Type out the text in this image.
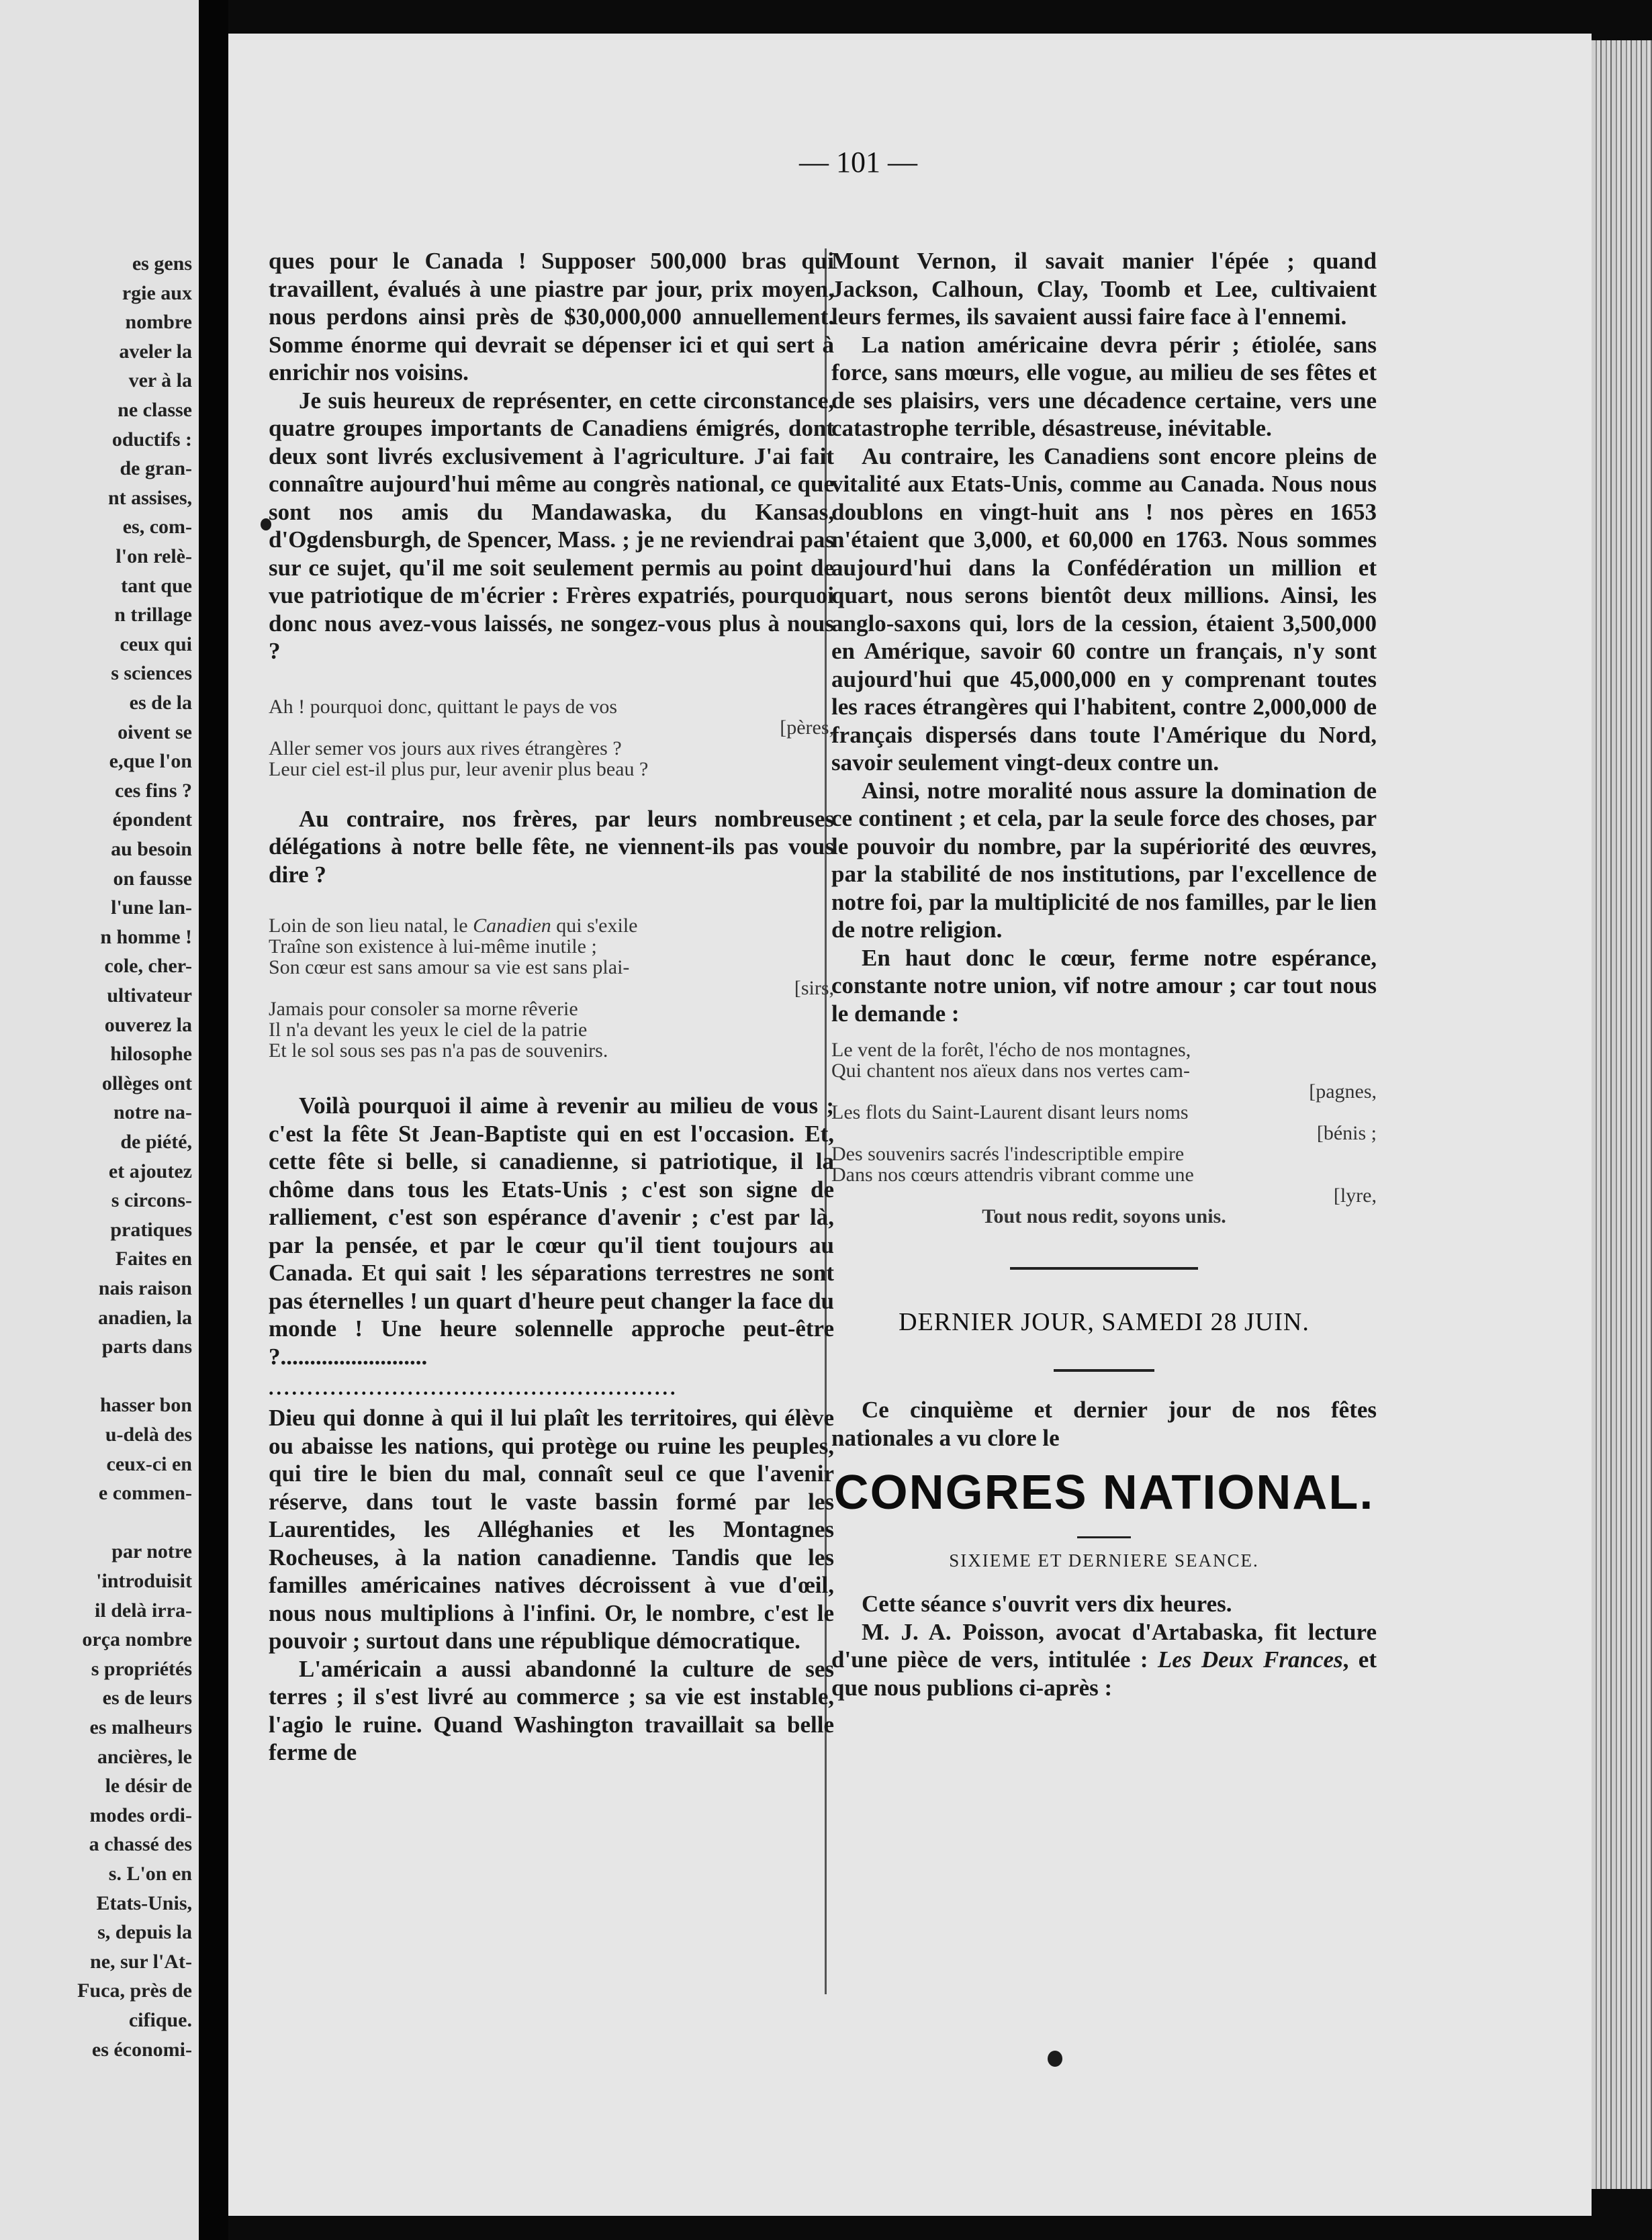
es gens
rgie aux
nombre
aveler la
ver à la
ne classe
oductifs :
de gran-
nt assises,
es, com-
l'on relè-
tant que
n trillage
ceux qui
s sciences
es de la
oivent se
e,que l'on
ces fins ?
épondent
au besoin
on fausse
l'une lan-
n homme !
cole, cher-
ultivateur
ouverez la
hilosophe
ollèges ont
notre na-
de piété,
et ajoutez
s circons-
pratiques
Faites en
nais raison
anadien, la
parts dans
hasser bon
u-delà des
ceux-ci en
e commen-
par notre
'introduisit
il delà irra-
orça nombre
s propriétés
es de leurs
es malheurs
ancières, le
le désir de
modes ordi-
a chassé des
s. L'on en
Etats-Unis,
s, depuis la
ne, sur l'At-
Fuca, près de
cifique.
es économi-
— 101 —

ques pour le Canada ! Supposer 500,000 bras qui travaillent, évalués à une piastre par jour, prix moyen, nous perdons ainsi près de $30,000,000 annuellement. Somme énorme qui devrait se dépenser ici et qui sert à enrichir nos voisins.

Je suis heureux de représenter, en cette circonstance, quatre groupes importants de Canadiens émigrés, dont deux sont livrés exclusivement à l'agriculture. J'ai fait connaître aujourd'hui même au congrès national, ce que sont nos amis du Mandawaska, du Kansas, d'Ogdensburgh, de Spencer, Mass. ; je ne reviendrai pas sur ce sujet, qu'il me soit seulement permis au point de vue patriotique de m'écrier : Frères expatriés, pourquoi donc nous avez-vous laissés, ne songez-vous plus à nous ?

Ah ! pourquoi donc, quittant le pays de vos
[pères,
Aller semer vos jours aux rives étrangères ?
Leur ciel est-il plus pur, leur avenir plus beau ?

Au contraire, nos frères, par leurs nombreuses délégations à notre belle fête, ne viennent-ils pas vous dire ?

Loin de son lieu natal, le Canadien qui s'exile
Traîne son existence à lui-même inutile ;
Son cœur est sans amour sa vie est sans plai-
[sirs,
Jamais pour consoler sa morne rêverie
Il n'a devant les yeux le ciel de la patrie
Et le sol sous ses pas n'a pas de souvenirs.

Voilà pourquoi il aime à revenir au milieu de vous ; c'est la fête St Jean-Baptiste qui en est l'occasion. Et, cette fête si belle, si canadienne, si patriotique, il la chôme dans tous les Etats-Unis ; c'est son signe de ralliement, c'est son espérance d'avenir ; c'est par là, par la pensée, et par le cœur qu'il tient toujours au Canada. Et qui sait ! les séparations terrestres ne sont pas éternelles ! un quart d'heure peut changer la face du monde ! Une heure solennelle approche peut-être ?.........................

.....................................................

Dieu qui donne à qui il lui plaît les territoires, qui élève ou abaisse les nations, qui protège ou ruine les peuples, qui tire le bien du mal, connaît seul ce que l'avenir réserve, dans tout le vaste bassin formé par les Laurentides, les Alléghanies et les Montagnes Rocheuses, à la nation canadienne. Tandis que les familles américaines natives décroissent à vue d'œil, nous nous multiplions à l'infini. Or, le nombre, c'est le pouvoir ; surtout dans une république démocratique.

L'américain a aussi abandonné la culture de ses terres ; il s'est livré au commerce ; sa vie est instable, l'agio le ruine. Quand Washington travaillait sa belle ferme de

Mount Vernon, il savait manier l'épée ; quand Jackson, Calhoun, Clay, Toomb et Lee, cultivaient leurs fermes, ils savaient aussi faire face à l'ennemi.

La nation américaine devra périr ; étiolée, sans force, sans mœurs, elle vogue, au milieu de ses fêtes et de ses plaisirs, vers une décadence certaine, vers une catastrophe terrible, désastreuse, inévitable.

Au contraire, les Canadiens sont encore pleins de vitalité aux Etats-Unis, comme au Canada. Nous nous doublons en vingt-huit ans ! nos pères en 1653 n'étaient que 3,000, et 60,000 en 1763. Nous sommes aujourd'hui dans la Confédération un million et quart, nous serons bientôt deux millions. Ainsi, les anglo-saxons qui, lors de la cession, étaient 3,500,000 en Amérique, savoir 60 contre un français, n'y sont aujourd'hui que 45,000,000 en y comprenant toutes les races étrangères qui l'habitent, contre 2,000,000 de français dispersés dans toute l'Amérique du Nord, savoir seulement vingt-deux contre un.

Ainsi, notre moralité nous assure la domination de ce continent ; et cela, par la seule force des choses, par le pouvoir du nombre, par la supériorité des œuvres, par la stabilité de nos institutions, par l'excellence de notre foi, par la multiplicité de nos familles, par le lien de notre religion.

En haut donc le cœur, ferme notre espérance, constante notre union, vif notre amour ; car tout nous le demande :

Le vent de la forêt, l'écho de nos montagnes,
Qui chantent nos aïeux dans nos vertes cam-
[pagnes,
Les flots du Saint-Laurent disant leurs noms
[bénis ;
Des souvenirs sacrés l'indescriptible empire
Dans nos cœurs attendris vibrant comme une
[lyre,
Tout nous redit, soyons unis.
DERNIER JOUR, SAMEDI 28 JUIN.

Ce cinquième et dernier jour de nos fêtes nationales a vu clore le

CONGRES NATIONAL.
SIXIEME ET DERNIERE SEANCE.

Cette séance s'ouvrit vers dix heures.

M. J. A. Poisson, avocat d'Artabaska, fit lecture d'une pièce de vers, intitulée : Les Deux Frances, et que nous publions ci-après :
